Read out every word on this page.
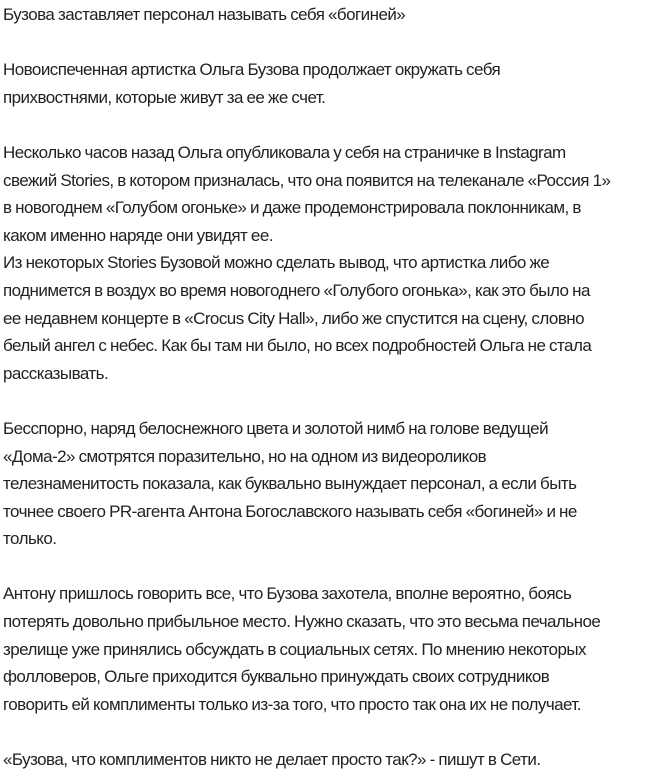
Бузова заставляет персонал называть себя «богиней»

Новоиспеченная артистка Ольга Бузова продолжает окружать себя
прихвостнями, которые живут за ее же счет.

Несколько часов назад Ольга опубликовала у себя на страничке в Instagram
свежий Stories, в котором призналась, что она появится на телеканале «Россия 1»
в новогоднем «Голубом огоньке» и даже продемонстрировала поклонникам, в
каком именно наряде они увидят ее.
Из некоторых Stories Бузовой можно сделать вывод, что артистка либо же
поднимется в воздух во время новогоднего «Голубого огонька», как это было на
ее недавнем концерте в «Crocus City Hall», либо же спустится на сцену, словно
белый ангел с небес. Как бы там ни было, но всех подробностей Ольга не стала
рассказывать.

Бесспорно, наряд белоснежного цвета и золотой нимб на голове ведущей
«Дома-2» смотрятся поразительно, но на одном из видеороликов
телезнаменитость показала, как буквально вынуждает персонал, а если быть
точнее своего PR-агента Антона Богославского называть себя «богиней» и не
только.

Антону пришлось говорить все, что Бузова захотела, вполне вероятно, боясь
потерять довольно прибыльное место. Нужно сказать, что это весьма печальное
зрелище уже принялись обсуждать в социальных сетях. По мнению некоторых
фолловеров, Ольге приходится буквально принуждать своих сотрудников
говорить ей комплименты только из-за того, что просто так она их не получает.

«Бузова, что комплиментов никто не делает просто так?» - пишут в Сети.
